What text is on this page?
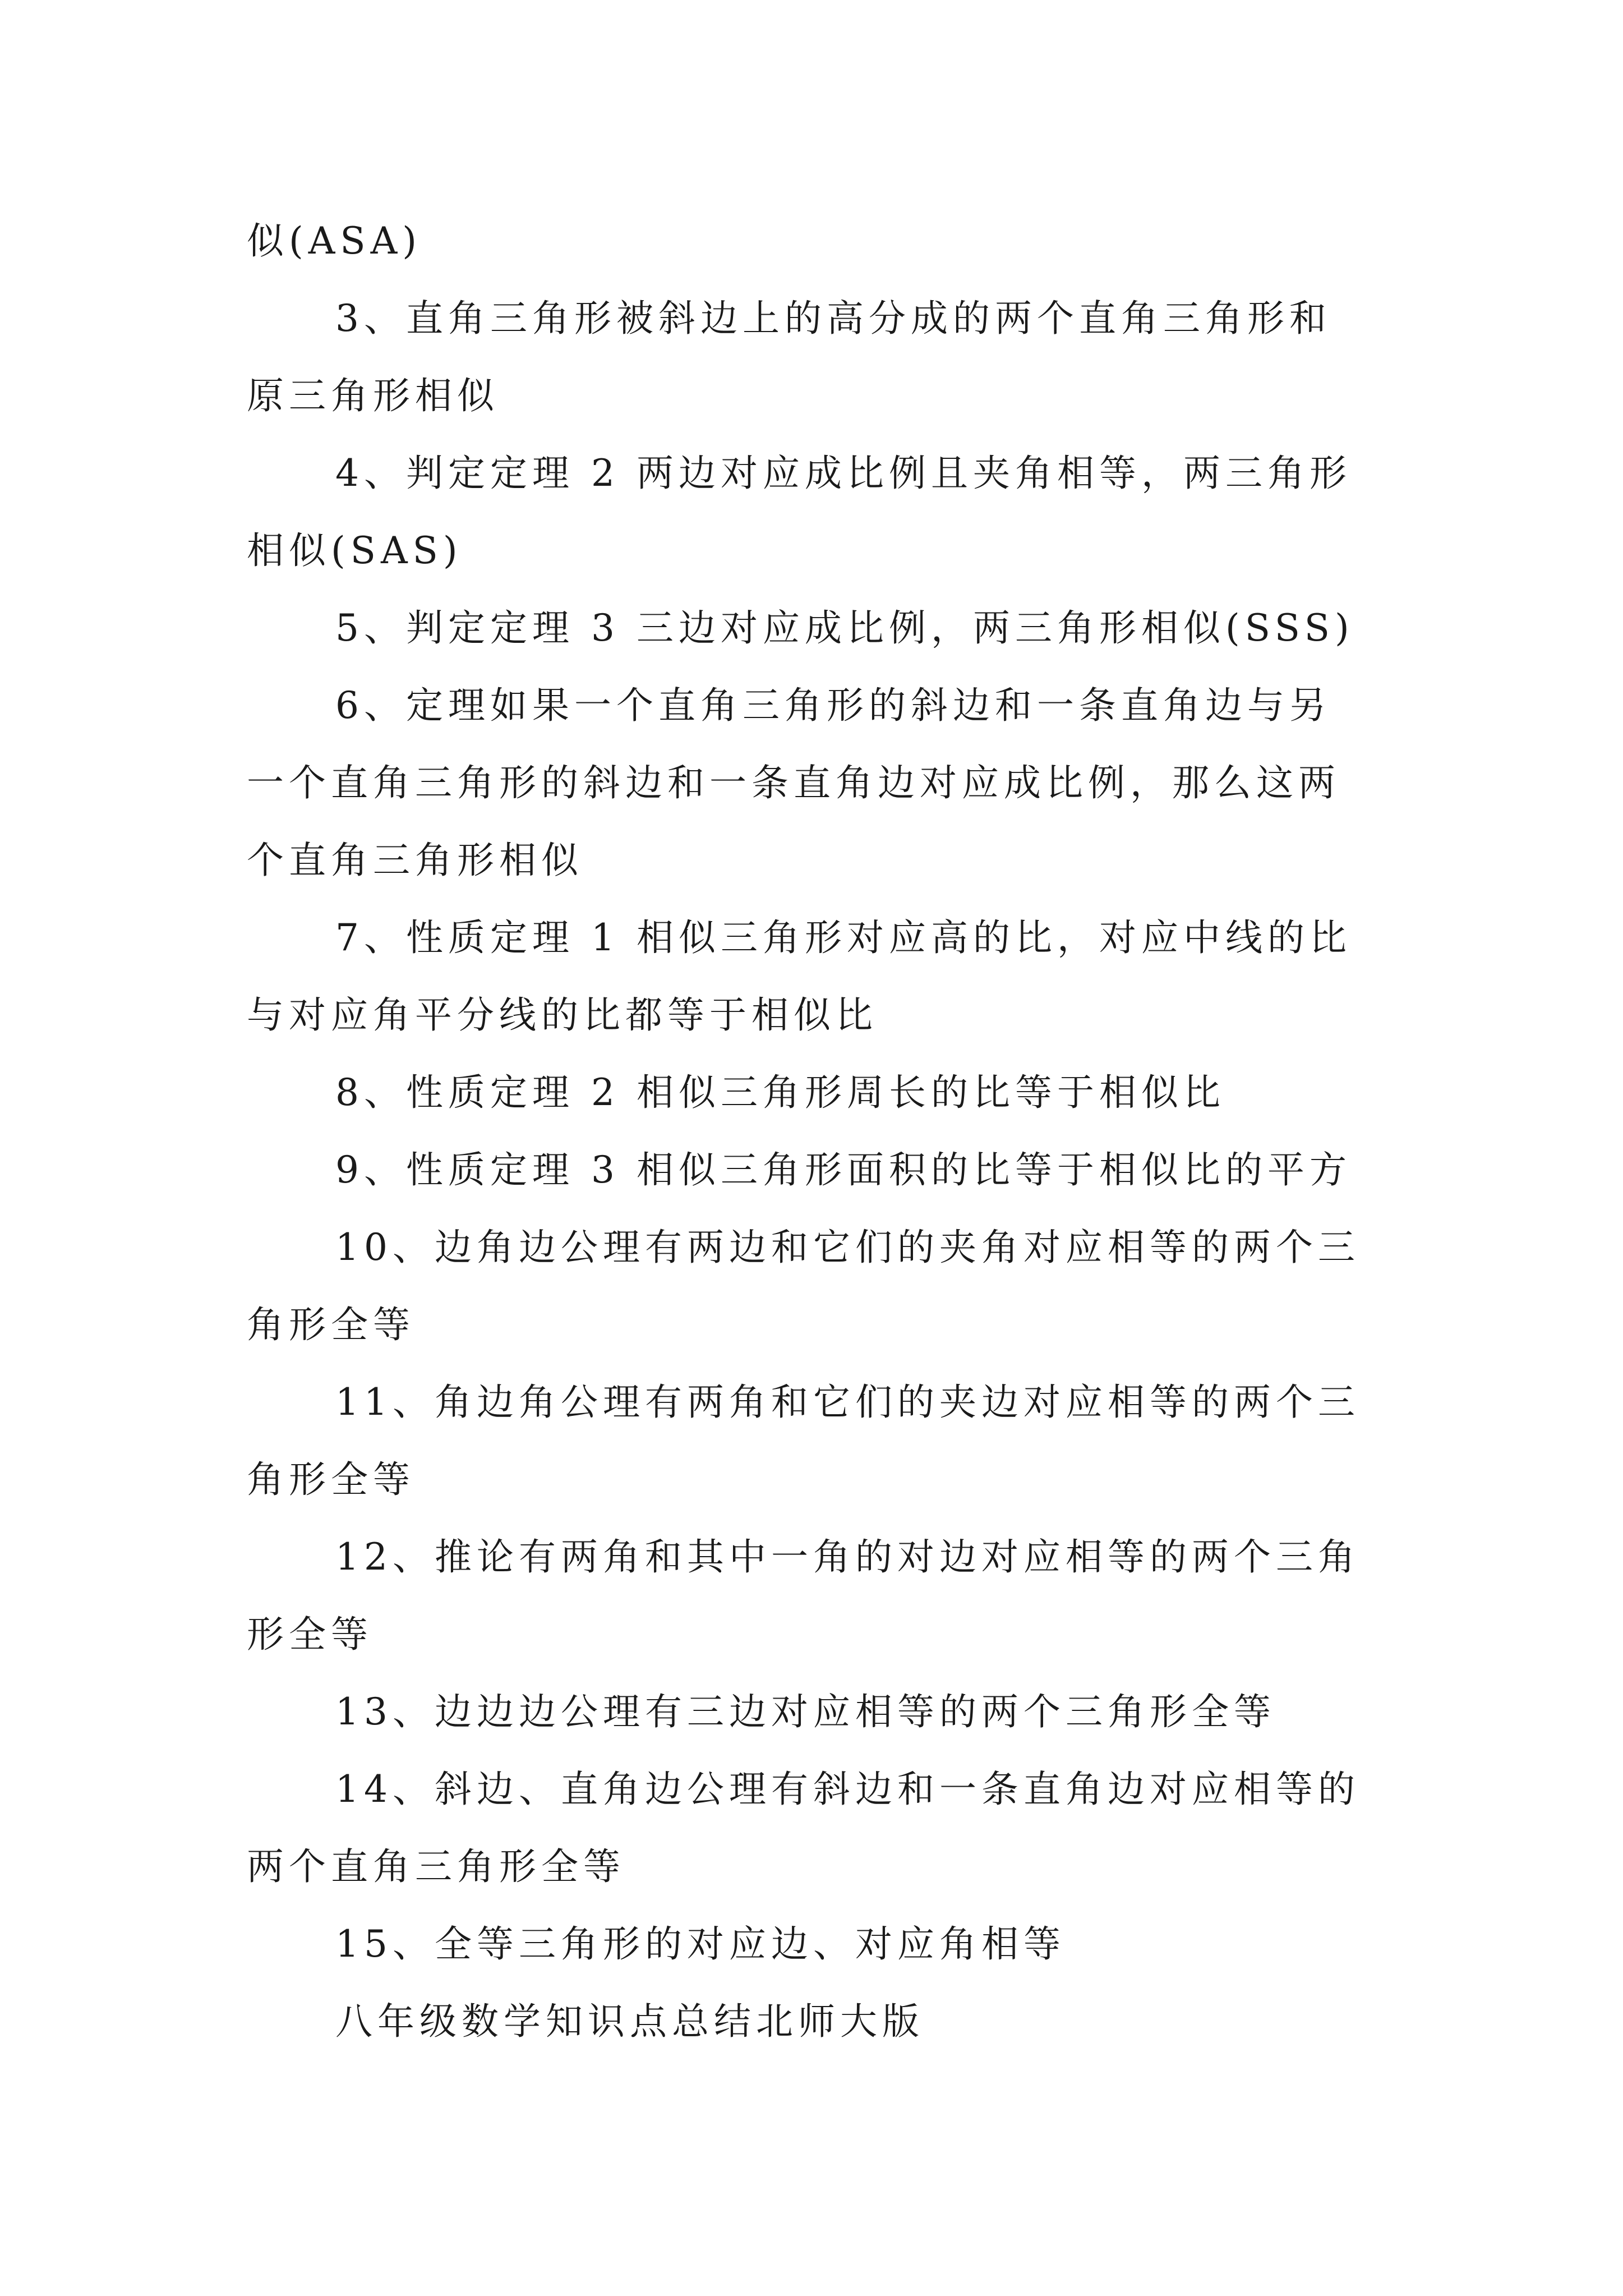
似(ASA)
3、直角三角形被斜边上的高分成的两个直角三角形和
原三角形相似
4、判定定理 2 两边对应成比例且夹角相等，两三角形
相似(SAS)
5、判定定理 3 三边对应成比例，两三角形相似(SSS)
6、定理如果一个直角三角形的斜边和一条直角边与另
一个直角三角形的斜边和一条直角边对应成比例，那么这两
个直角三角形相似
7、性质定理 1 相似三角形对应高的比，对应中线的比
与对应角平分线的比都等于相似比
8、性质定理 2 相似三角形周长的比等于相似比
9、性质定理 3 相似三角形面积的比等于相似比的平方
10、边角边公理有两边和它们的夹角对应相等的两个三
角形全等
11、角边角公理有两角和它们的夹边对应相等的两个三
角形全等
12、推论有两角和其中一角的对边对应相等的两个三角
形全等
13、边边边公理有三边对应相等的两个三角形全等
14、斜边、直角边公理有斜边和一条直角边对应相等的
两个直角三角形全等
15、全等三角形的对应边、对应角相等
八年级数学知识点总结北师大版
